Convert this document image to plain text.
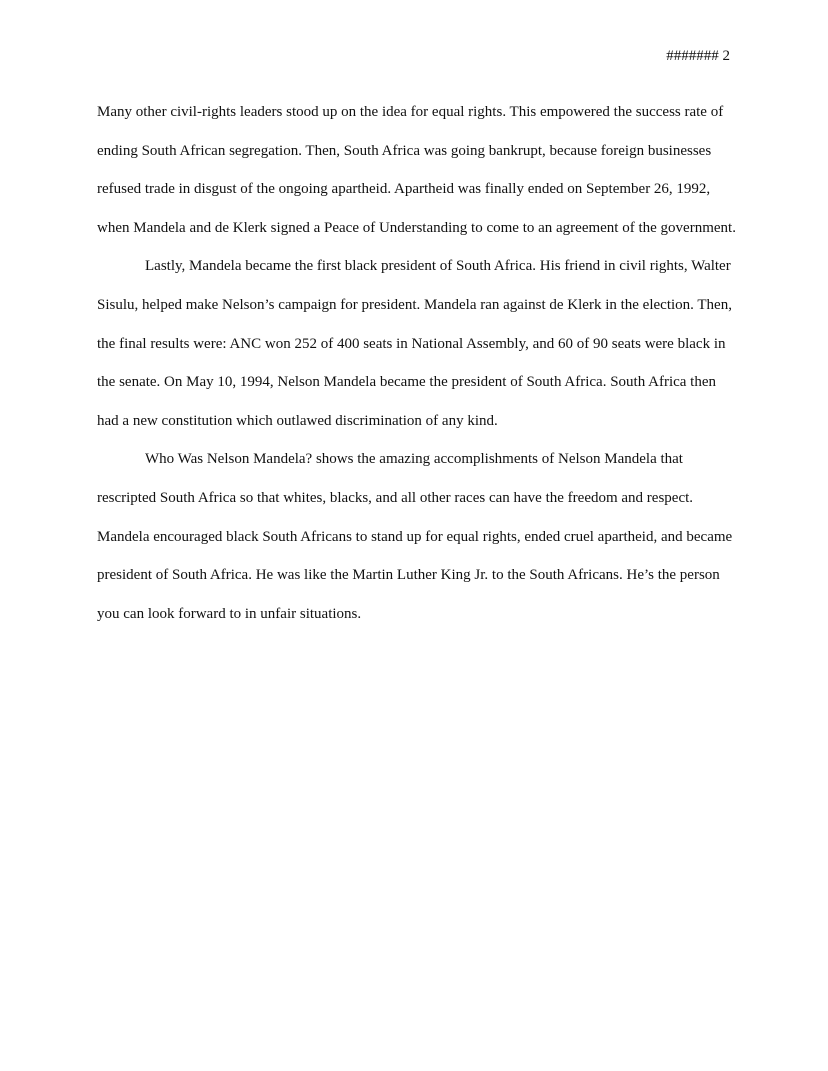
####### 2

Many other civil-rights leaders stood up on the idea for equal rights. This empowered the success rate of ending South African segregation. Then, South Africa was going bankrupt, because foreign businesses refused trade in disgust of the ongoing apartheid. Apartheid was finally ended on September 26, 1992, when Mandela and de Klerk signed a Peace of Understanding to come to an agreement of the government.

Lastly, Mandela became the first black president of South Africa. His friend in civil rights, Walter Sisulu, helped make Nelson’s campaign for president. Mandela ran against de Klerk in the election. Then, the final results were: ANC won 252 of 400 seats in National Assembly, and 60 of 90 seats were black in the senate. On May 10, 1994, Nelson Mandela became the president of South Africa. South Africa then had a new constitution which outlawed discrimination of any kind.

Who Was Nelson Mandela? shows the amazing accomplishments of Nelson Mandela that rescripted South Africa so that whites, blacks, and all other races can have the freedom and respect. Mandela encouraged black South Africans to stand up for equal rights, ended cruel apartheid, and became president of South Africa. He was like the Martin Luther King Jr. to the South Africans. He’s the person you can look forward to in unfair situations.
